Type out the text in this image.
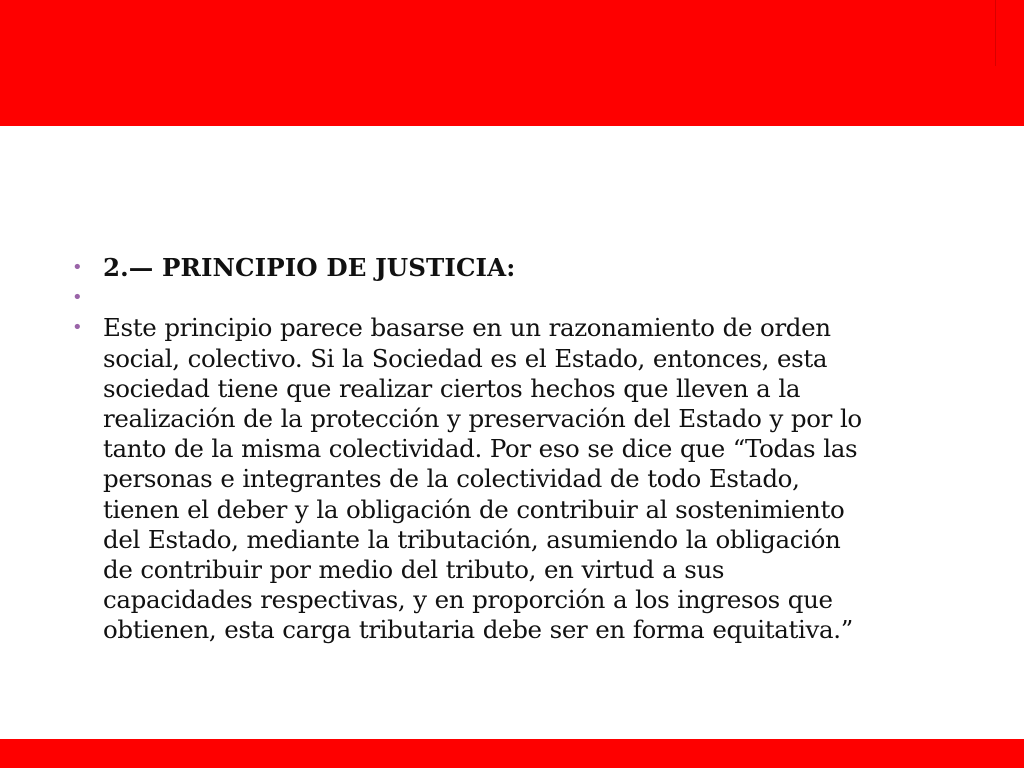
• 2.— PRINCIPIO DE JUSTICIA:
•
• Este principio parece basarse en un razonamiento de orden
social, colectivo. Si la Sociedad es el Estado, entonces, esta
sociedad tiene que realizar ciertos hechos que lleven a la
realización de la protección y preservación del Estado y por lo
tanto de la misma colectividad. Por eso se dice que “Todas las
personas e integrantes de la colectividad de todo Estado,
tienen el deber y la obligación de contribuir al sostenimiento
del Estado, mediante la tributación, asumiendo la obligación
de contribuir por medio del tributo, en virtud a sus
capacidades respectivas, y en proporción a los ingresos que
obtienen, esta carga tributaria debe ser en forma equitativa.”
